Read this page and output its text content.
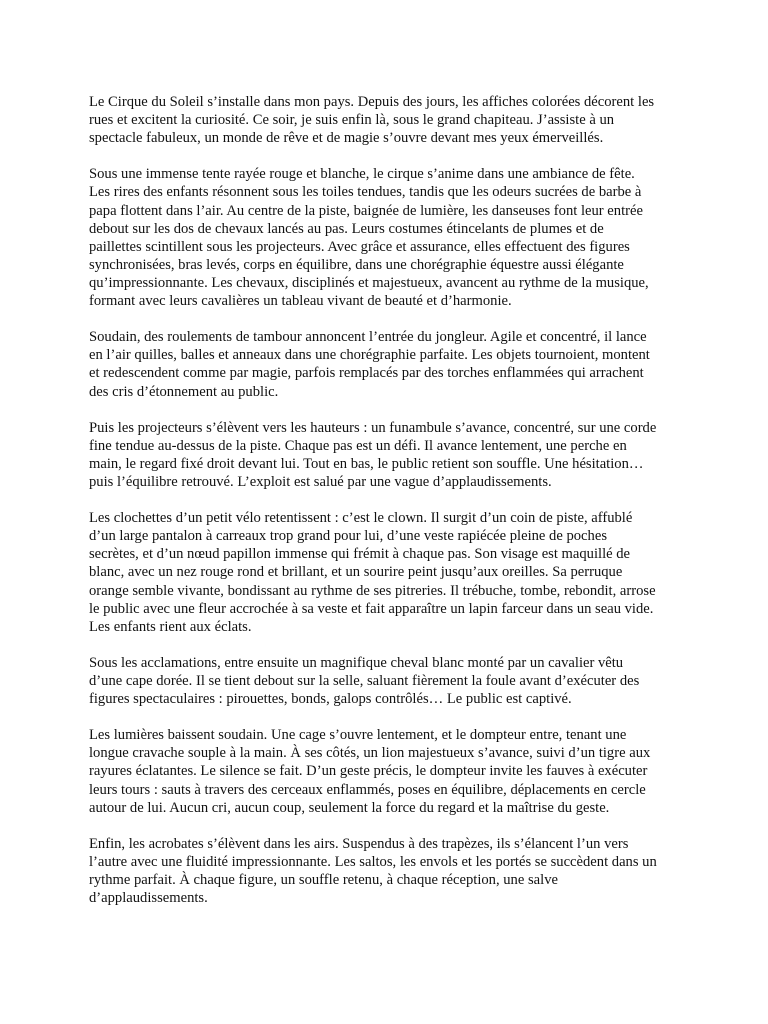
Le Cirque du Soleil s’installe dans mon pays. Depuis des jours, les affiches colorées décorent les
rues et excitent la curiosité. Ce soir, je suis enfin là, sous le grand chapiteau. J’assiste à un
spectacle fabuleux, un monde de rêve et de magie s’ouvre devant mes yeux émerveillés.

Sous une immense tente rayée rouge et blanche, le cirque s’anime dans une ambiance de fête.
Les rires des enfants résonnent sous les toiles tendues, tandis que les odeurs sucrées de barbe à
papa flottent dans l’air. Au centre de la piste, baignée de lumière, les danseuses font leur entrée
debout sur les dos de chevaux lancés au pas. Leurs costumes étincelants de plumes et de
paillettes scintillent sous les projecteurs. Avec grâce et assurance, elles effectuent des figures
synchronisées, bras levés, corps en équilibre, dans une chorégraphie équestre aussi élégante
qu’impressionnante. Les chevaux, disciplinés et majestueux, avancent au rythme de la musique,
formant avec leurs cavalières un tableau vivant de beauté et d’harmonie.

Soudain, des roulements de tambour annoncent l’entrée du jongleur. Agile et concentré, il lance
en l’air quilles, balles et anneaux dans une chorégraphie parfaite. Les objets tournoient, montent
et redescendent comme par magie, parfois remplacés par des torches enflammées qui arrachent
des cris d’étonnement au public.

Puis les projecteurs s’élèvent vers les hauteurs : un funambule s’avance, concentré, sur une corde
fine tendue au-dessus de la piste. Chaque pas est un défi. Il avance lentement, une perche en
main, le regard fixé droit devant lui. Tout en bas, le public retient son souffle. Une hésitation…
puis l’équilibre retrouvé. L’exploit est salué par une vague d’applaudissements.

Les clochettes d’un petit vélo retentissent : c’est le clown. Il surgit d’un coin de piste, affublé
d’un large pantalon à carreaux trop grand pour lui, d’une veste rapiécée pleine de poches
secrètes, et d’un nœud papillon immense qui frémit à chaque pas. Son visage est maquillé de
blanc, avec un nez rouge rond et brillant, et un sourire peint jusqu’aux oreilles. Sa perruque
orange semble vivante, bondissant au rythme de ses pitreries. Il trébuche, tombe, rebondit, arrose
le public avec une fleur accrochée à sa veste et fait apparaître un lapin farceur dans un seau vide.
Les enfants rient aux éclats.

Sous les acclamations, entre ensuite un magnifique cheval blanc monté par un cavalier vêtu
d’une cape dorée. Il se tient debout sur la selle, saluant fièrement la foule avant d’exécuter des
figures spectaculaires : pirouettes, bonds, galops contrôlés… Le public est captivé.

Les lumières baissent soudain. Une cage s’ouvre lentement, et le dompteur entre, tenant une
longue cravache souple à la main. À ses côtés, un lion majestueux s’avance, suivi d’un tigre aux
rayures éclatantes. Le silence se fait. D’un geste précis, le dompteur invite les fauves à exécuter
leurs tours : sauts à travers des cerceaux enflammés, poses en équilibre, déplacements en cercle
autour de lui. Aucun cri, aucun coup, seulement la force du regard et la maîtrise du geste.

Enfin, les acrobates s’élèvent dans les airs. Suspendus à des trapèzes, ils s’élancent l’un vers
l’autre avec une fluidité impressionnante. Les saltos, les envols et les portés se succèdent dans un
rythme parfait. À chaque figure, un souffle retenu, à chaque réception, une salve
d’applaudissements.
